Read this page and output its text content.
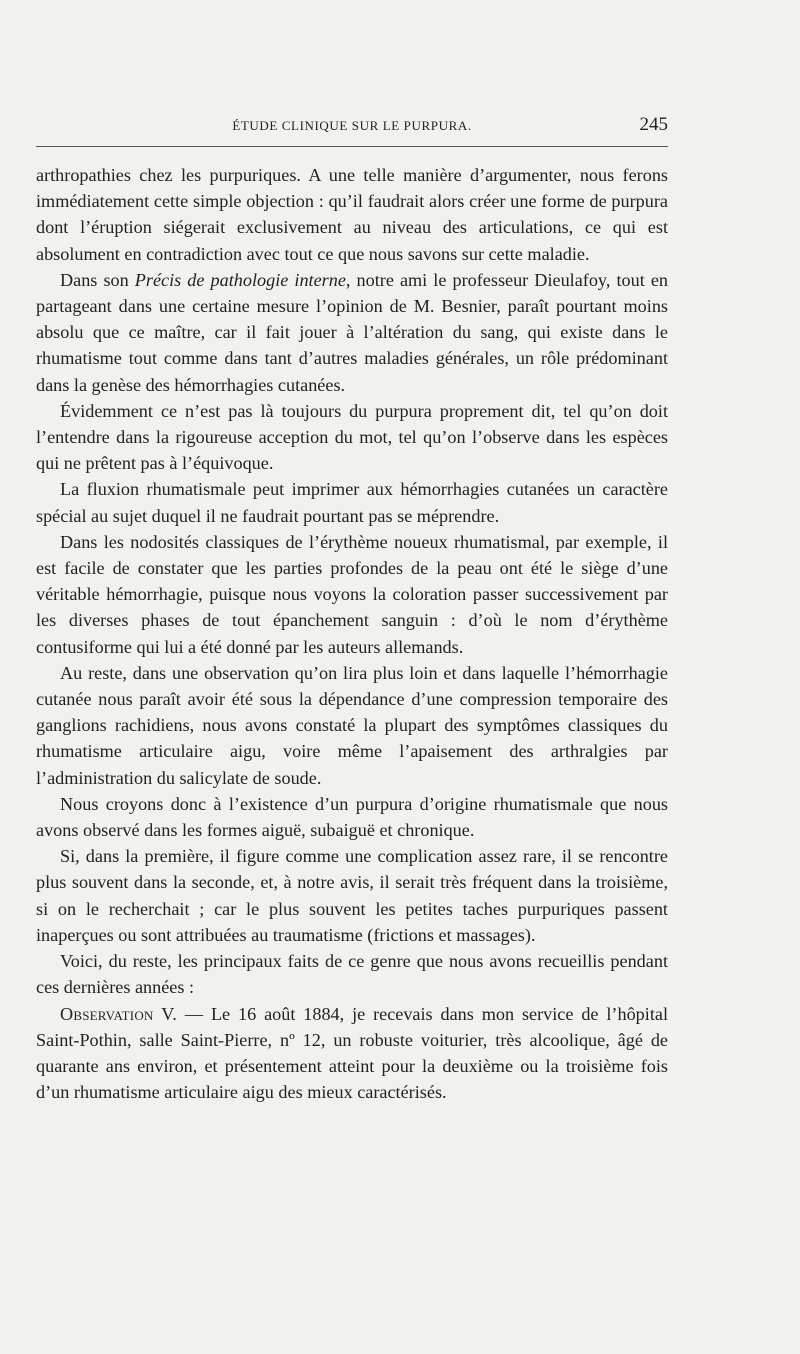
ÉTUDE CLINIQUE SUR LE PURPURA.	245

arthropathies chez les purpuriques. A une telle manière d’argumenter, nous ferons immédiatement cette simple objection : qu’il faudrait alors créer une forme de purpura dont l’éruption siégerait exclusivement au niveau des articulations, ce qui est absolument en contradiction avec tout ce que nous savons sur cette maladie.

Dans son Précis de pathologie interne, notre ami le professeur Dieulafoy, tout en partageant dans une certaine mesure l’opinion de M. Besnier, paraît pourtant moins absolu que ce maître, car il fait jouer à l’altération du sang, qui existe dans le rhumatisme tout comme dans tant d’autres maladies générales, un rôle prédominant dans la genèse des hémorrhagies cutanées.

Évidemment ce n’est pas là toujours du purpura proprement dit, tel qu’on doit l’entendre dans la rigoureuse acception du mot, tel qu’on l’observe dans les espèces qui ne prêtent pas à l’équivoque.

La fluxion rhumatismale peut imprimer aux hémorrhagies cutanées un caractère spécial au sujet duquel il ne faudrait pourtant pas se méprendre.

Dans les nodosités classiques de l’érythème noueux rhumatismal, par exemple, il est facile de constater que les parties profondes de la peau ont été le siège d’une véritable hémorrhagie, puisque nous voyons la coloration passer successivement par les diverses phases de tout épanchement sanguin : d’où le nom d’érythème contusiforme qui lui a été donné par les auteurs allemands.

Au reste, dans une observation qu’on lira plus loin et dans laquelle l’hémorrhagie cutanée nous paraît avoir été sous la dépendance d’une compression temporaire des ganglions rachidiens, nous avons constaté la plupart des symptômes classiques du rhumatisme articulaire aigu, voire même l’apaisement des arthralgies par l’administration du salicylate de soude.

Nous croyons donc à l’existence d’un purpura d’origine rhumatismale que nous avons observé dans les formes aiguë, subaiguë et chronique.

Si, dans la première, il figure comme une complication assez rare, il se rencontre plus souvent dans la seconde, et, à notre avis, il serait très fréquent dans la troisième, si on le recherchait ; car le plus souvent les petites taches purpuriques passent inaperçues ou sont attribuées au traumatisme (frictions et massages).

Voici, du reste, les principaux faits de ce genre que nous avons recueillis pendant ces dernières années :

Observation V. — Le 16 août 1884, je recevais dans mon service de l’hôpital Saint-Pothin, salle Saint-Pierre, nº 12, un robuste voiturier, très alcoolique, âgé de quarante ans environ, et présentement atteint pour la deuxième ou la troisième fois d’un rhumatisme articulaire aigu des mieux caractérisés.
